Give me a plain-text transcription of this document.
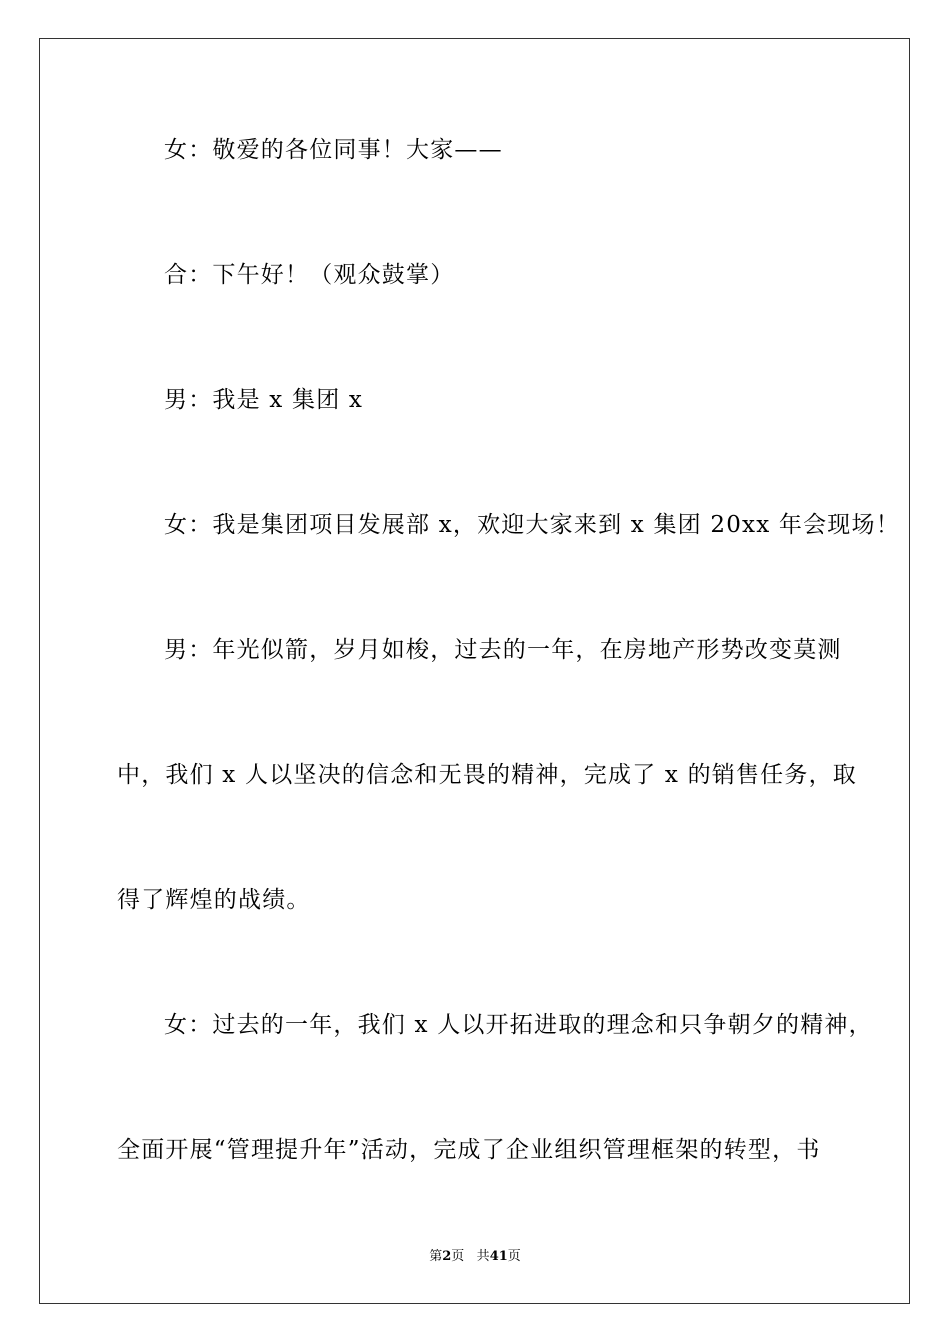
女：敬爱的各位同事！大家——
合：下午好！（观众鼓掌）
男：我是 x 集团 x
女：我是集团项目发展部 x，欢迎大家来到 x 集团 20xx 年会现场！
男：年光似箭，岁月如梭，过去的一年，在房地产形势改变莫测
中，我们 x 人以坚决的信念和无畏的精神，完成了 x 的销售任务，取
得了辉煌的战绩。
女：过去的一年，我们 x 人以开拓进取的理念和只争朝夕的精神，
全面开展“管理提升年”活动，完成了企业组织管理框架的转型，书
第2页 共41页
